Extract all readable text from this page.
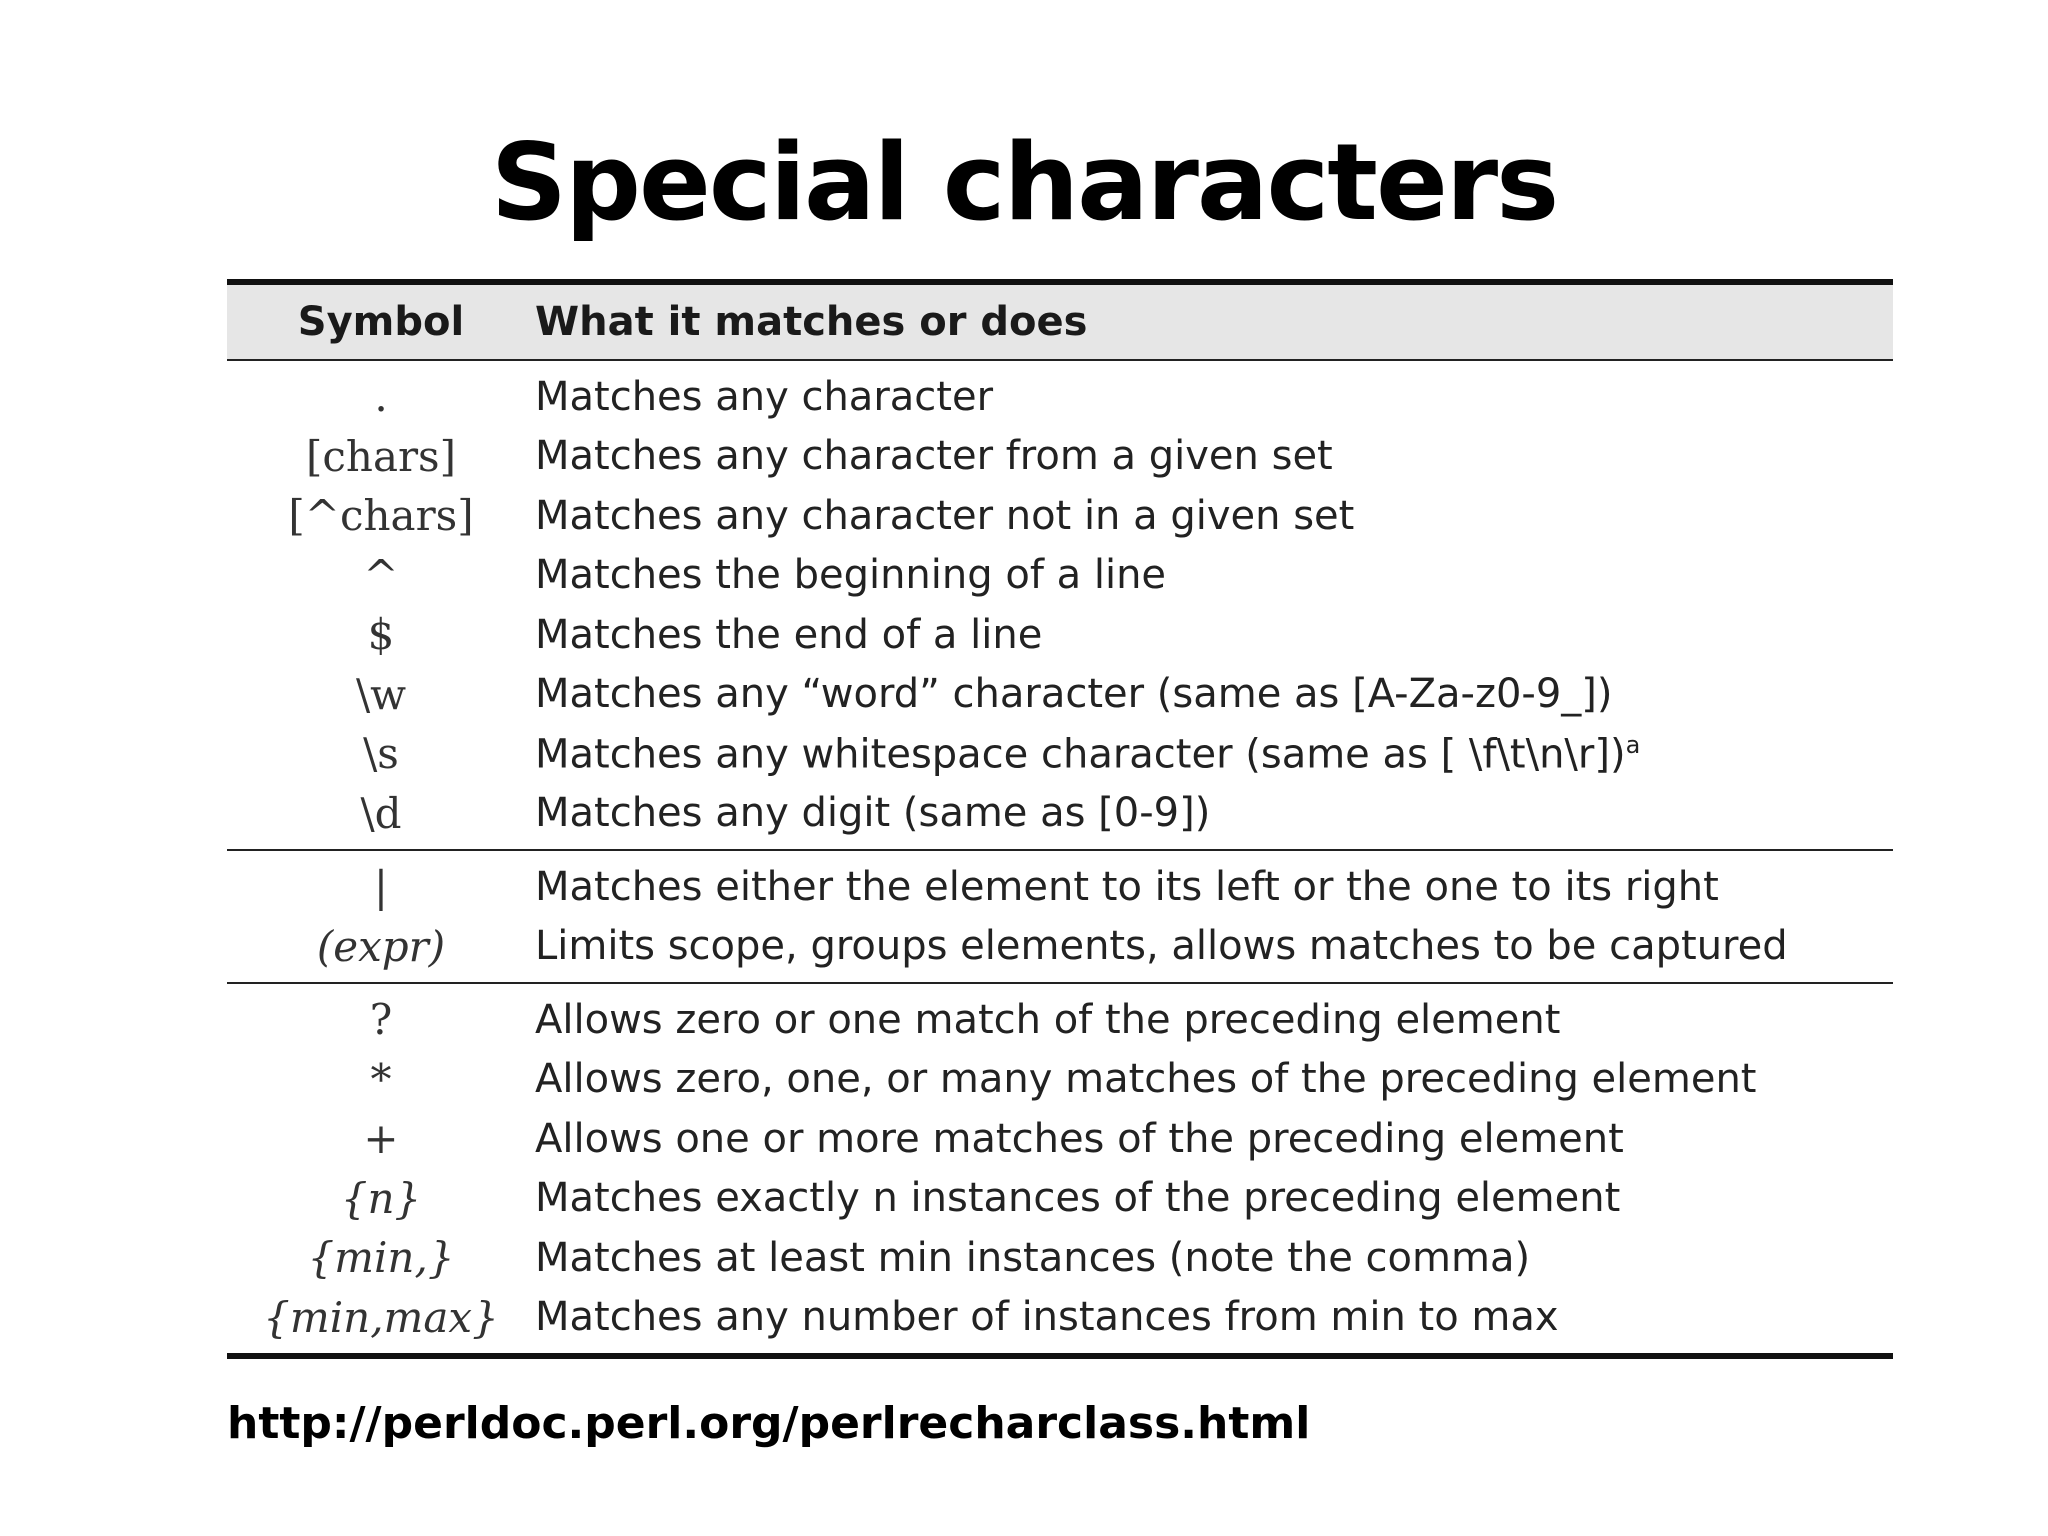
Special characters
Symbol	What it matches or does
.	Matches any character
[chars]	Matches any character from a given set
[^chars]	Matches any character not in a given set
^	Matches the beginning of a line
$	Matches the end of a line
\w	Matches any “word” character (same as [A-Za-z0-9_])
\s	Matches any whitespace character (same as [ \f\t\n\r])$^a$
\d	Matches any digit (same as [0-9])
|	Matches either the element to its left or the one to its right
(expr)	Limits scope, groups elements, allows matches to be captured
?	Allows zero or one match of the preceding element
*	Allows zero, one, or many matches of the preceding element
+	Allows one or more matches of the preceding element
{n}	Matches exactly n instances of the preceding element
{min,}	Matches at least min instances (note the comma)
{min,max} Matches any number of instances from min to max
http://perldoc.perl.org/perlrecharclass.html
